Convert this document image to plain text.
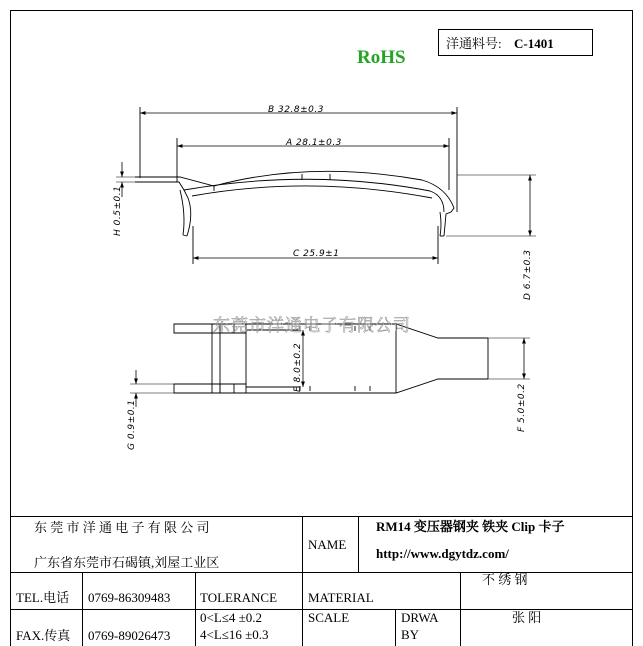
洋通料号: C-1401
RoHS
B 32.8±0.3
A 28.1±0.3
C 25.9±1
H 0.5±0.1
D 6.7±0.3
E 8.0±0.2
F 5.0±0.2
G 0.9±0.1
东莞市洋通电子有限公司
东 莞 市 洋 通 电 子 有 限 公 司
广东省东莞市石碣镇,刘屋工业区
NAME
RM14 变压器钢夹 铁夹 Clip 卡子
http://www.dgytdz.com/
TEL.电话 0769-86309483 TOLERANCE MATERIAL
不 绣 钢
FAX.传真 0769-89026473
0<L≤4 ±0.2
4<L≤16 ±0.3
SCALE	DRWA
BY
张 阳
